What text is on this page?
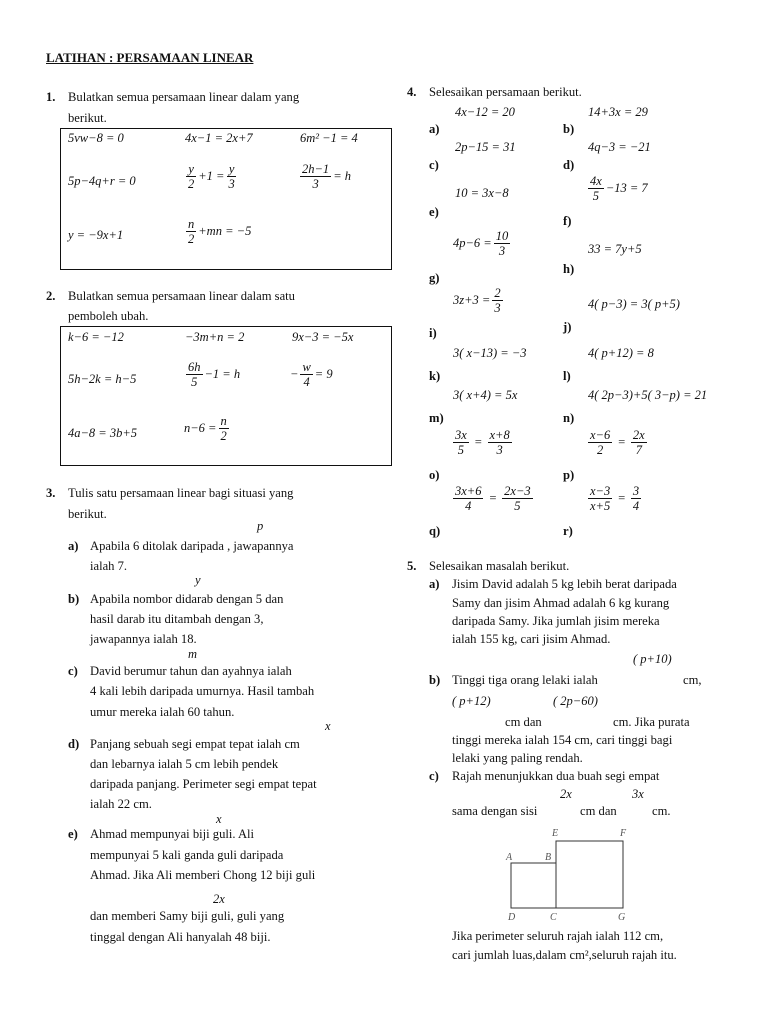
LATIHAN : PERSAMAAN LINEAR
1. Bulatkan semua persamaan linear dalam yang
berikut.
5vw−8 = 0	4x−1 = 2x+7	6m² −1 = 4
5p−4q+r = 0	$\frac{y}{2} +1 = \frac{y}{3}$	$\frac{2h-1}{3} = h$
y = −9x+1	$\frac{n}{2} +mn = -5$
2. Bulatkan semua persamaan linear dalam satu
pemboleh ubah.
k−6 = −12	−3m+n = 2	9x−3 = −5x
5h−2k = h−5	$\frac{6h}{5} -1 = h$	− $\frac{w}{4} = 9$
4a−8 = 3b+5	$n-6 = \frac{n}{2}$
3. Tulis satu persamaan linear bagi situasi yang
berikut.
p
a) Apabila 6 ditolak daripada , jawapannya
ialah 7.
y
b) Apabila nombor didarab dengan 5 dan
hasil darab itu ditambah dengan 3,
jawapannya ialah 18.
m
c) David berumur tahun dan ayahnya ialah
4 kali lebih daripada umurnya. Hasil tambah
umur mereka ialah 60 tahun.
x
d) Panjang sebuah segi empat tepat ialah cm
dan lebarnya ialah 5 cm lebih pendek
daripada panjang. Perimeter segi empat tepat
ialah 22 cm.
x
e) Ahmad mempunyai biji guli. Ali
mempunyai 5 kali ganda guli daripada
Ahmad. Jika Ali memberi Chong 12 biji guli
2x
dan memberi Samy biji guli, guli yang
tinggal dengan Ali hanyalah 48 biji.
4. Selesaikan persamaan berikut.
4x−12 = 20	14+3x = 29
a)	b)
2p−15 = 31	4q−3 = −21
c)	d)
10 = 3x−8	$\frac{4x}{5} -13 = 7$
e)
f)
$4p-6 = \frac{10}{3}$	33 = 7y+5
g)
h)
$3z+3 = \frac{2}{3}$	4( p−3) = 3( p+5)
i)	j)
3( x−13) = −3	4( p+12) = 8
k)	l)
3( x+4) = 5x	4( 2p−3)+5( 3−p) = 21
m)	n)
$\frac{3x}{5} = \frac{x+8}{3}$	$\frac{x-6}{2} = \frac{2x}{7}$
o)	p)
$\frac{3x+6}{4} = \frac{2x-3}{5}$	$\frac{x-3}{x+5} = \frac{3}{4}$
q)	r)
5. Selesaikan masalah berikut.
a) Jisim David adalah 5 kg lebih berat daripada
Samy dan jisim Ahmad adalah 6 kg kurang
daripada Samy. Jika jumlah jisim mereka
ialah 155 kg, cari jisim Ahmad.
( p+10)
b) Tinggi tiga orang lelaki ialah	cm,
( p+12)	( 2p−60)
cm dan	cm. Jika purata
tinggi mereka ialah 154 cm, cari tinggi bagi
lelaki yang paling rendah.
c) Rajah menunjukkan dua buah segi empat
2x	3x
sama dengan sisi	cm dan	cm.
E	F
A	B
D	C	G
Jika perimeter seluruh rajah ialah 112 cm,
cari jumlah luas,dalam cm²,seluruh rajah itu.
